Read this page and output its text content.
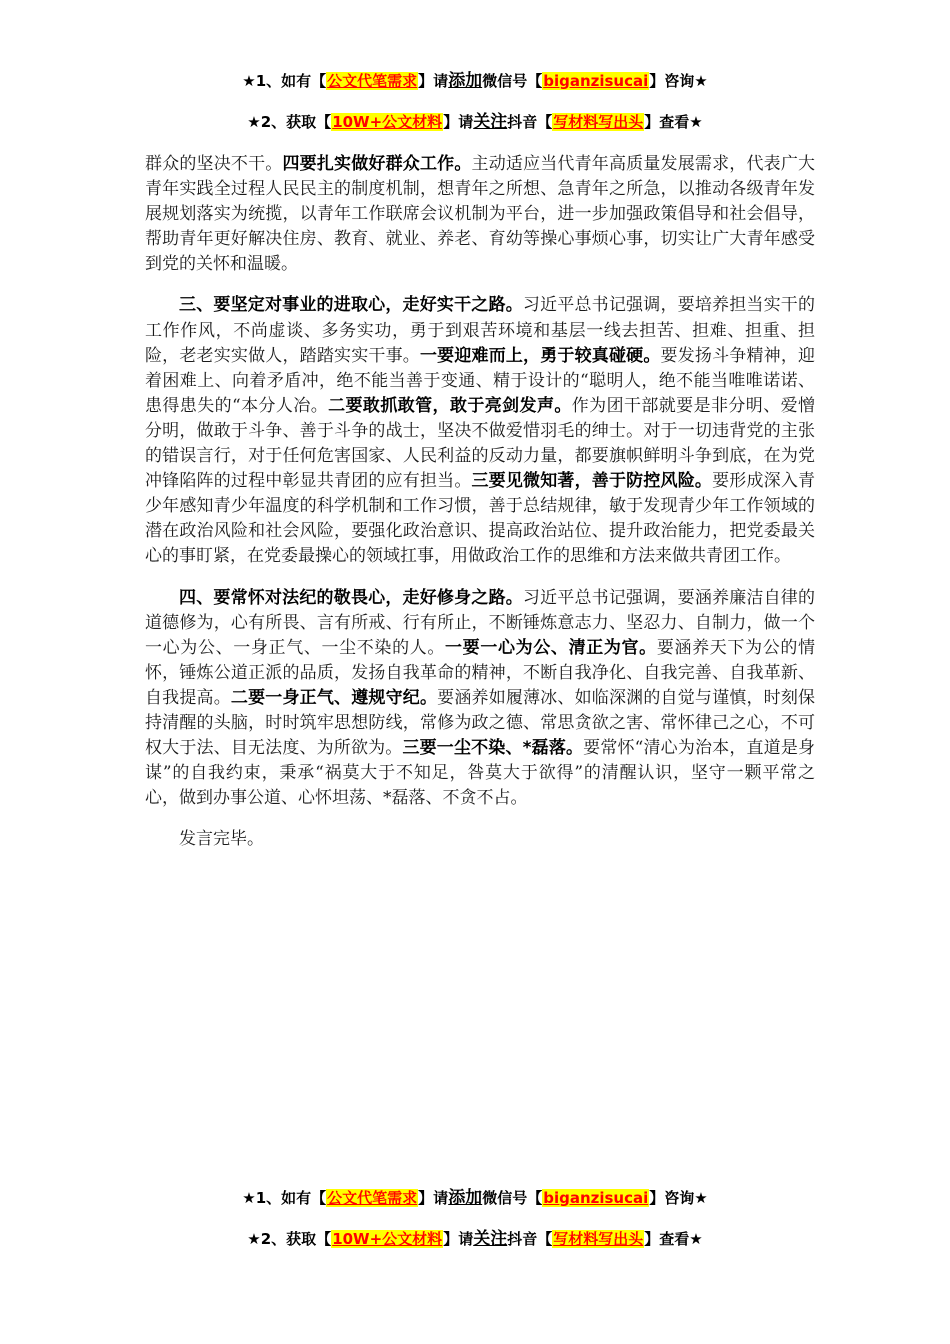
★1、如有【公文代笔需求】请添加微信号【biganzisucai】咨询★
★2、获取【10W+公文材料】请关注抖音【写材料写出头】查看★

群众的坚决不干。四要扎实做好群众工作。主动适应当代青年高质量发展需求，代表广大青年实践全过程人民民主的制度机制，想青年之所想、急青年之所急，以推动各级青年发展规划落实为统揽，以青年工作联席会议机制为平台，进一步加强政策倡导和社会倡导，帮助青年更好解决住房、教育、就业、养老、育幼等操心事烦心事，切实让广大青年感受到党的关怀和温暖。

三、要坚定对事业的进取心，走好实干之路。习近平总书记强调，要培养担当实干的工作作风，不尚虚谈、多务实功，勇于到艰苦环境和基层一线去担苦、担难、担重、担险，老老实实做人，踏踏实实干事。一要迎难而上，勇于较真碰硬。要发扬斗争精神，迎着困难上、向着矛盾冲，绝不能当善于变通、精于设计的“聪明人，绝不能当唯唯诺诺、患得患失的“本分人冶。二要敢抓敢管，敢于亮剑发声。作为团干部就要是非分明、爱憎分明，做敢于斗争、善于斗争的战士，坚决不做爱惜羽毛的绅士。对于一切违背党的主张的错误言行，对于任何危害国家、人民利益的反动力量，都要旗帜鲜明斗争到底，在为党冲锋陷阵的过程中彰显共青团的应有担当。三要见微知著，善于防控风险。要形成深入青少年感知青少年温度的科学机制和工作习惯，善于总结规律，敏于发现青少年工作领域的潜在政治风险和社会风险，要强化政治意识、提高政治站位、提升政治能力，把党委最关心的事盯紧，在党委最操心的领域扛事，用做政治工作的思维和方法来做共青团工作。

四、要常怀对法纪的敬畏心，走好修身之路。习近平总书记强调，要涵养廉洁自律的道德修为，心有所畏、言有所戒、行有所止，不断锤炼意志力、坚忍力、自制力，做一个一心为公、一身正气、一尘不染的人。一要一心为公、清正为官。要涵养天下为公的情怀，锤炼公道正派的品质，发扬自我革命的精神，不断自我净化、自我完善、自我革新、自我提高。二要一身正气、遵规守纪。要涵养如履薄冰、如临深渊的自觉与谨慎，时刻保持清醒的头脑，时时筑牢思想防线，常修为政之德、常思贪欲之害、常怀律己之心，不可权大于法、目无法度、为所欲为。三要一尘不染、*磊落。要常怀“清心为治本，直道是身谋”的自我约束，秉承“祸莫大于不知足，咎莫大于欲得”的清醒认识，坚守一颗平常之心，做到办事公道、心怀坦荡、*磊落、不贪不占。

发言完毕。

★1、如有【公文代笔需求】请添加微信号【biganzisucai】咨询★
★2、获取【10W+公文材料】请关注抖音【写材料写出头】查看★
